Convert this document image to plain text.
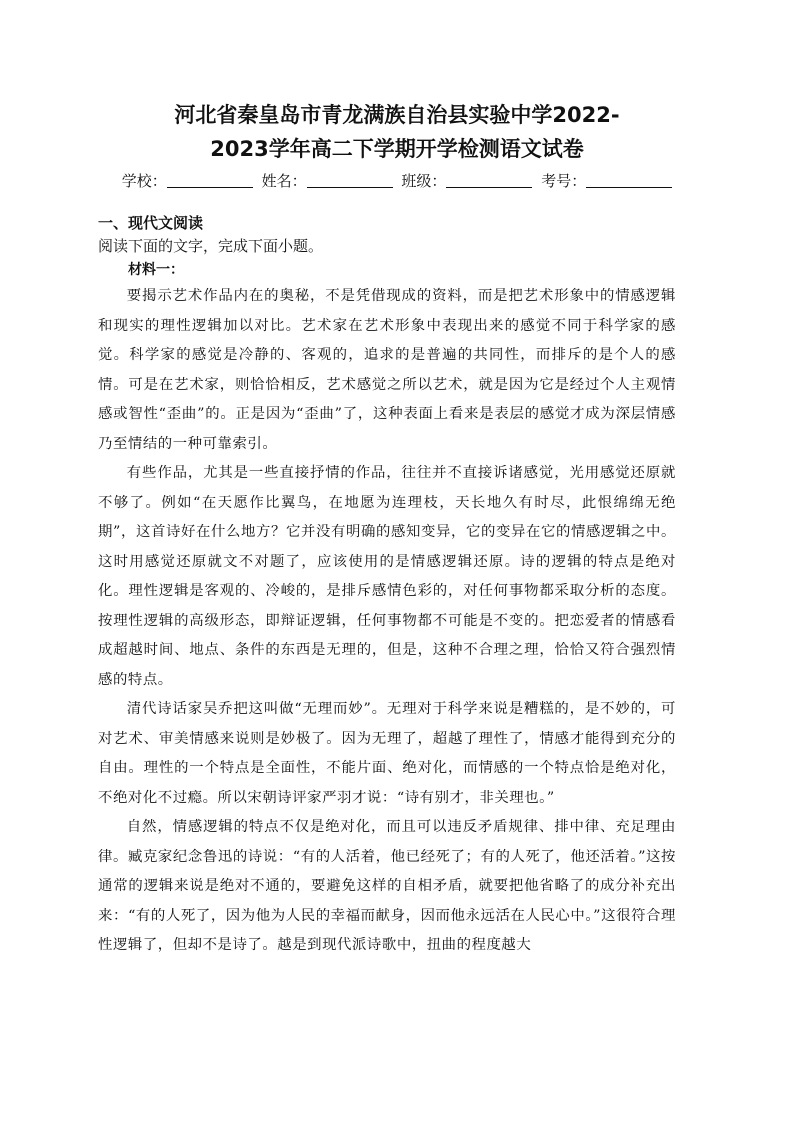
河北省秦皇岛市青龙满族自治县实验中学2022-
2023学年高二下学期开学检测语文试卷
学校：	姓名：	班级：	考号：
一、现代文阅读

阅读下面的文字，完成下面小题。

材料一：

要揭示艺术作品内在的奥秘，不是凭借现成的资料，而是把艺术形象中的情感逻辑和现实的理性逻辑加以对比。艺术家在艺术形象中表现出来的感觉不同于科学家的感觉。科学家的感觉是冷静的、客观的，追求的是普遍的共同性，而排斥的是个人的感情。可是在艺术家，则恰恰相反，艺术感觉之所以艺术，就是因为它是经过个人主观情感或智性“歪曲”的。正是因为“歪曲”了，这种表面上看来是表层的感觉才成为深层情感乃至情结的一种可靠索引。

有些作品，尤其是一些直接抒情的作品，往往并不直接诉诸感觉，光用感觉还原就不够了。例如“在天愿作比翼鸟，在地愿为连理枝，天长地久有时尽，此恨绵绵无绝期”，这首诗好在什么地方？它并没有明确的感知变异，它的变异在它的情感逻辑之中。这时用感觉还原就文不对题了，应该使用的是情感逻辑还原。诗的逻辑的特点是绝对化。理性逻辑是客观的、冷峻的，是排斥感情色彩的，对任何事物都采取分析的态度。按理性逻辑的高级形态，即辩证逻辑，任何事物都不可能是不变的。把恋爱者的情感看成超越时间、地点、条件的东西是无理的，但是，这种不合理之理，恰恰又符合强烈情感的特点。

清代诗话家吴乔把这叫做“无理而妙”。无理对于科学来说是糟糕的，是不妙的，可对艺术、审美情感来说则是妙极了。因为无理了，超越了理性了，情感才能得到充分的自由。理性的一个特点是全面性，不能片面、绝对化，而情感的一个特点恰是绝对化，不绝对化不过瘾。所以宋朝诗评家严羽才说：“诗有别才，非关理也。”

自然，情感逻辑的特点不仅是绝对化，而且可以违反矛盾规律、排中律、充足理由律。臧克家纪念鲁迅的诗说：“有的人活着，他已经死了；有的人死了，他还活着。”这按通常的逻辑来说是绝对不通的，要避免这样的自相矛盾，就要把他省略了的成分补充出来：“有的人死了，因为他为人民的幸福而献身，因而他永远活在人民心中。”这很符合理性逻辑了，但却不是诗了。越是到现代派诗歌中，扭曲的程度越大
